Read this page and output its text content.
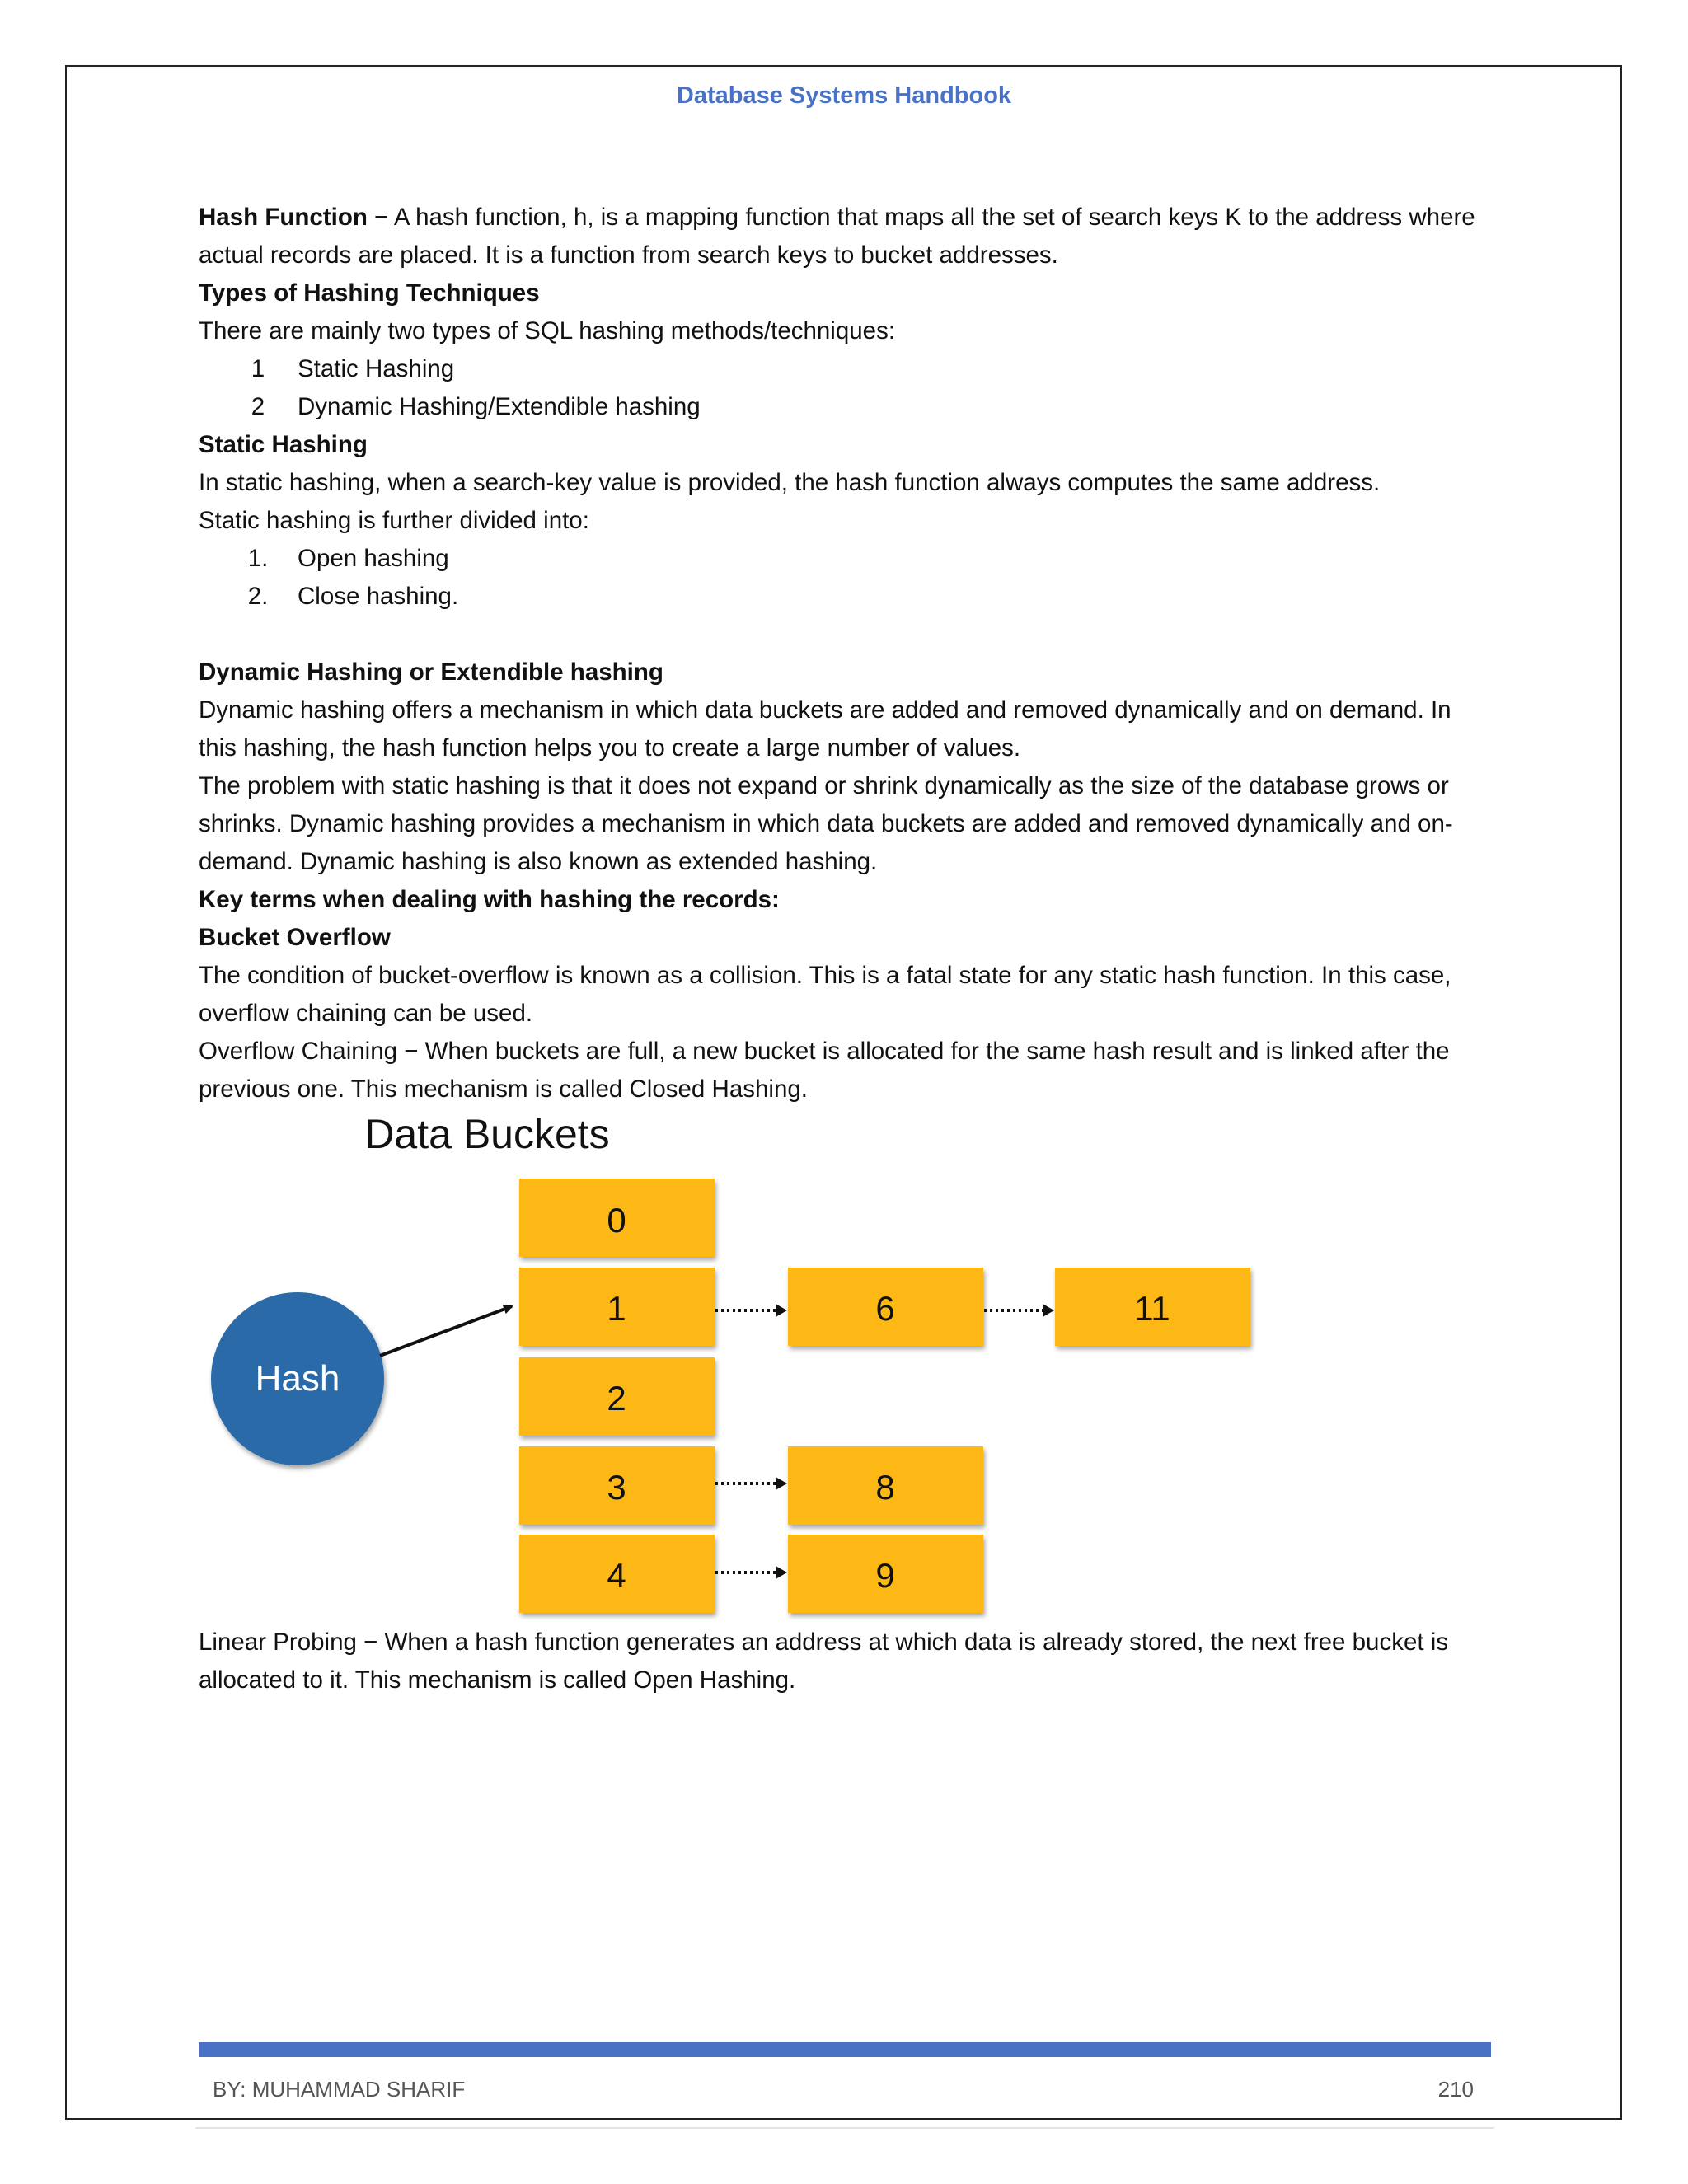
Database Systems Handbook

Hash Function − A hash function, h, is a mapping function that maps all the set of search keys K to the address where actual records are placed. It is a function from search keys to bucket addresses.

Types of Hashing Techniques

There are mainly two types of SQL hashing methods/techniques:

1	Static Hashing
2	Dynamic Hashing/Extendible hashing

Static Hashing

In static hashing, when a search-key value is provided, the hash function always computes the same address.

Static hashing is further divided into:

1.	Open hashing
2.	Close hashing.

Dynamic Hashing or Extendible hashing

Dynamic hashing offers a mechanism in which data buckets are added and removed dynamically and on demand. In this hashing, the hash function helps you to create a large number of values.

The problem with static hashing is that it does not expand or shrink dynamically as the size of the database grows or shrinks. Dynamic hashing provides a mechanism in which data buckets are added and removed dynamically and on-demand. Dynamic hashing is also known as extended hashing.

Key terms when dealing with hashing the records:

Bucket Overflow

The condition of bucket-overflow is known as a collision. This is a fatal state for any static hash function. In this case, overflow chaining can be used.

Overflow Chaining − When buckets are full, a new bucket is allocated for the same hash result and is linked after the previous one. This mechanism is called Closed Hashing.

Data Buckets
Hash
0
1
2
3
4
6	11
8
9

Linear Probing − When a hash function generates an address at which data is already stored, the next free bucket is allocated to it. This mechanism is called Open Hashing.

BY: MUHAMMAD SHARIF	210
